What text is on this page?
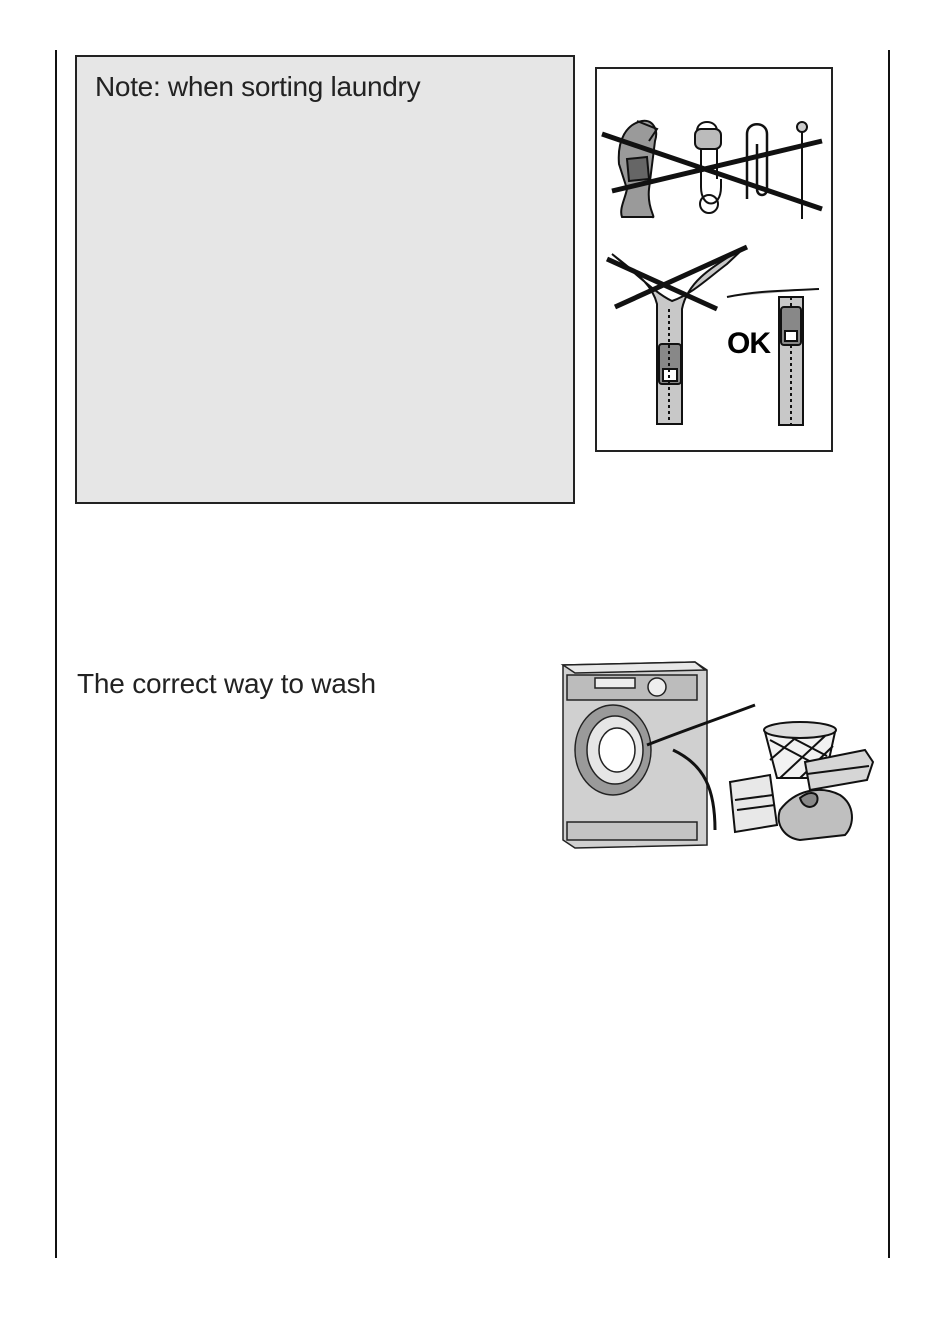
Note: when sorting laundry
OK
The correct way to wash
